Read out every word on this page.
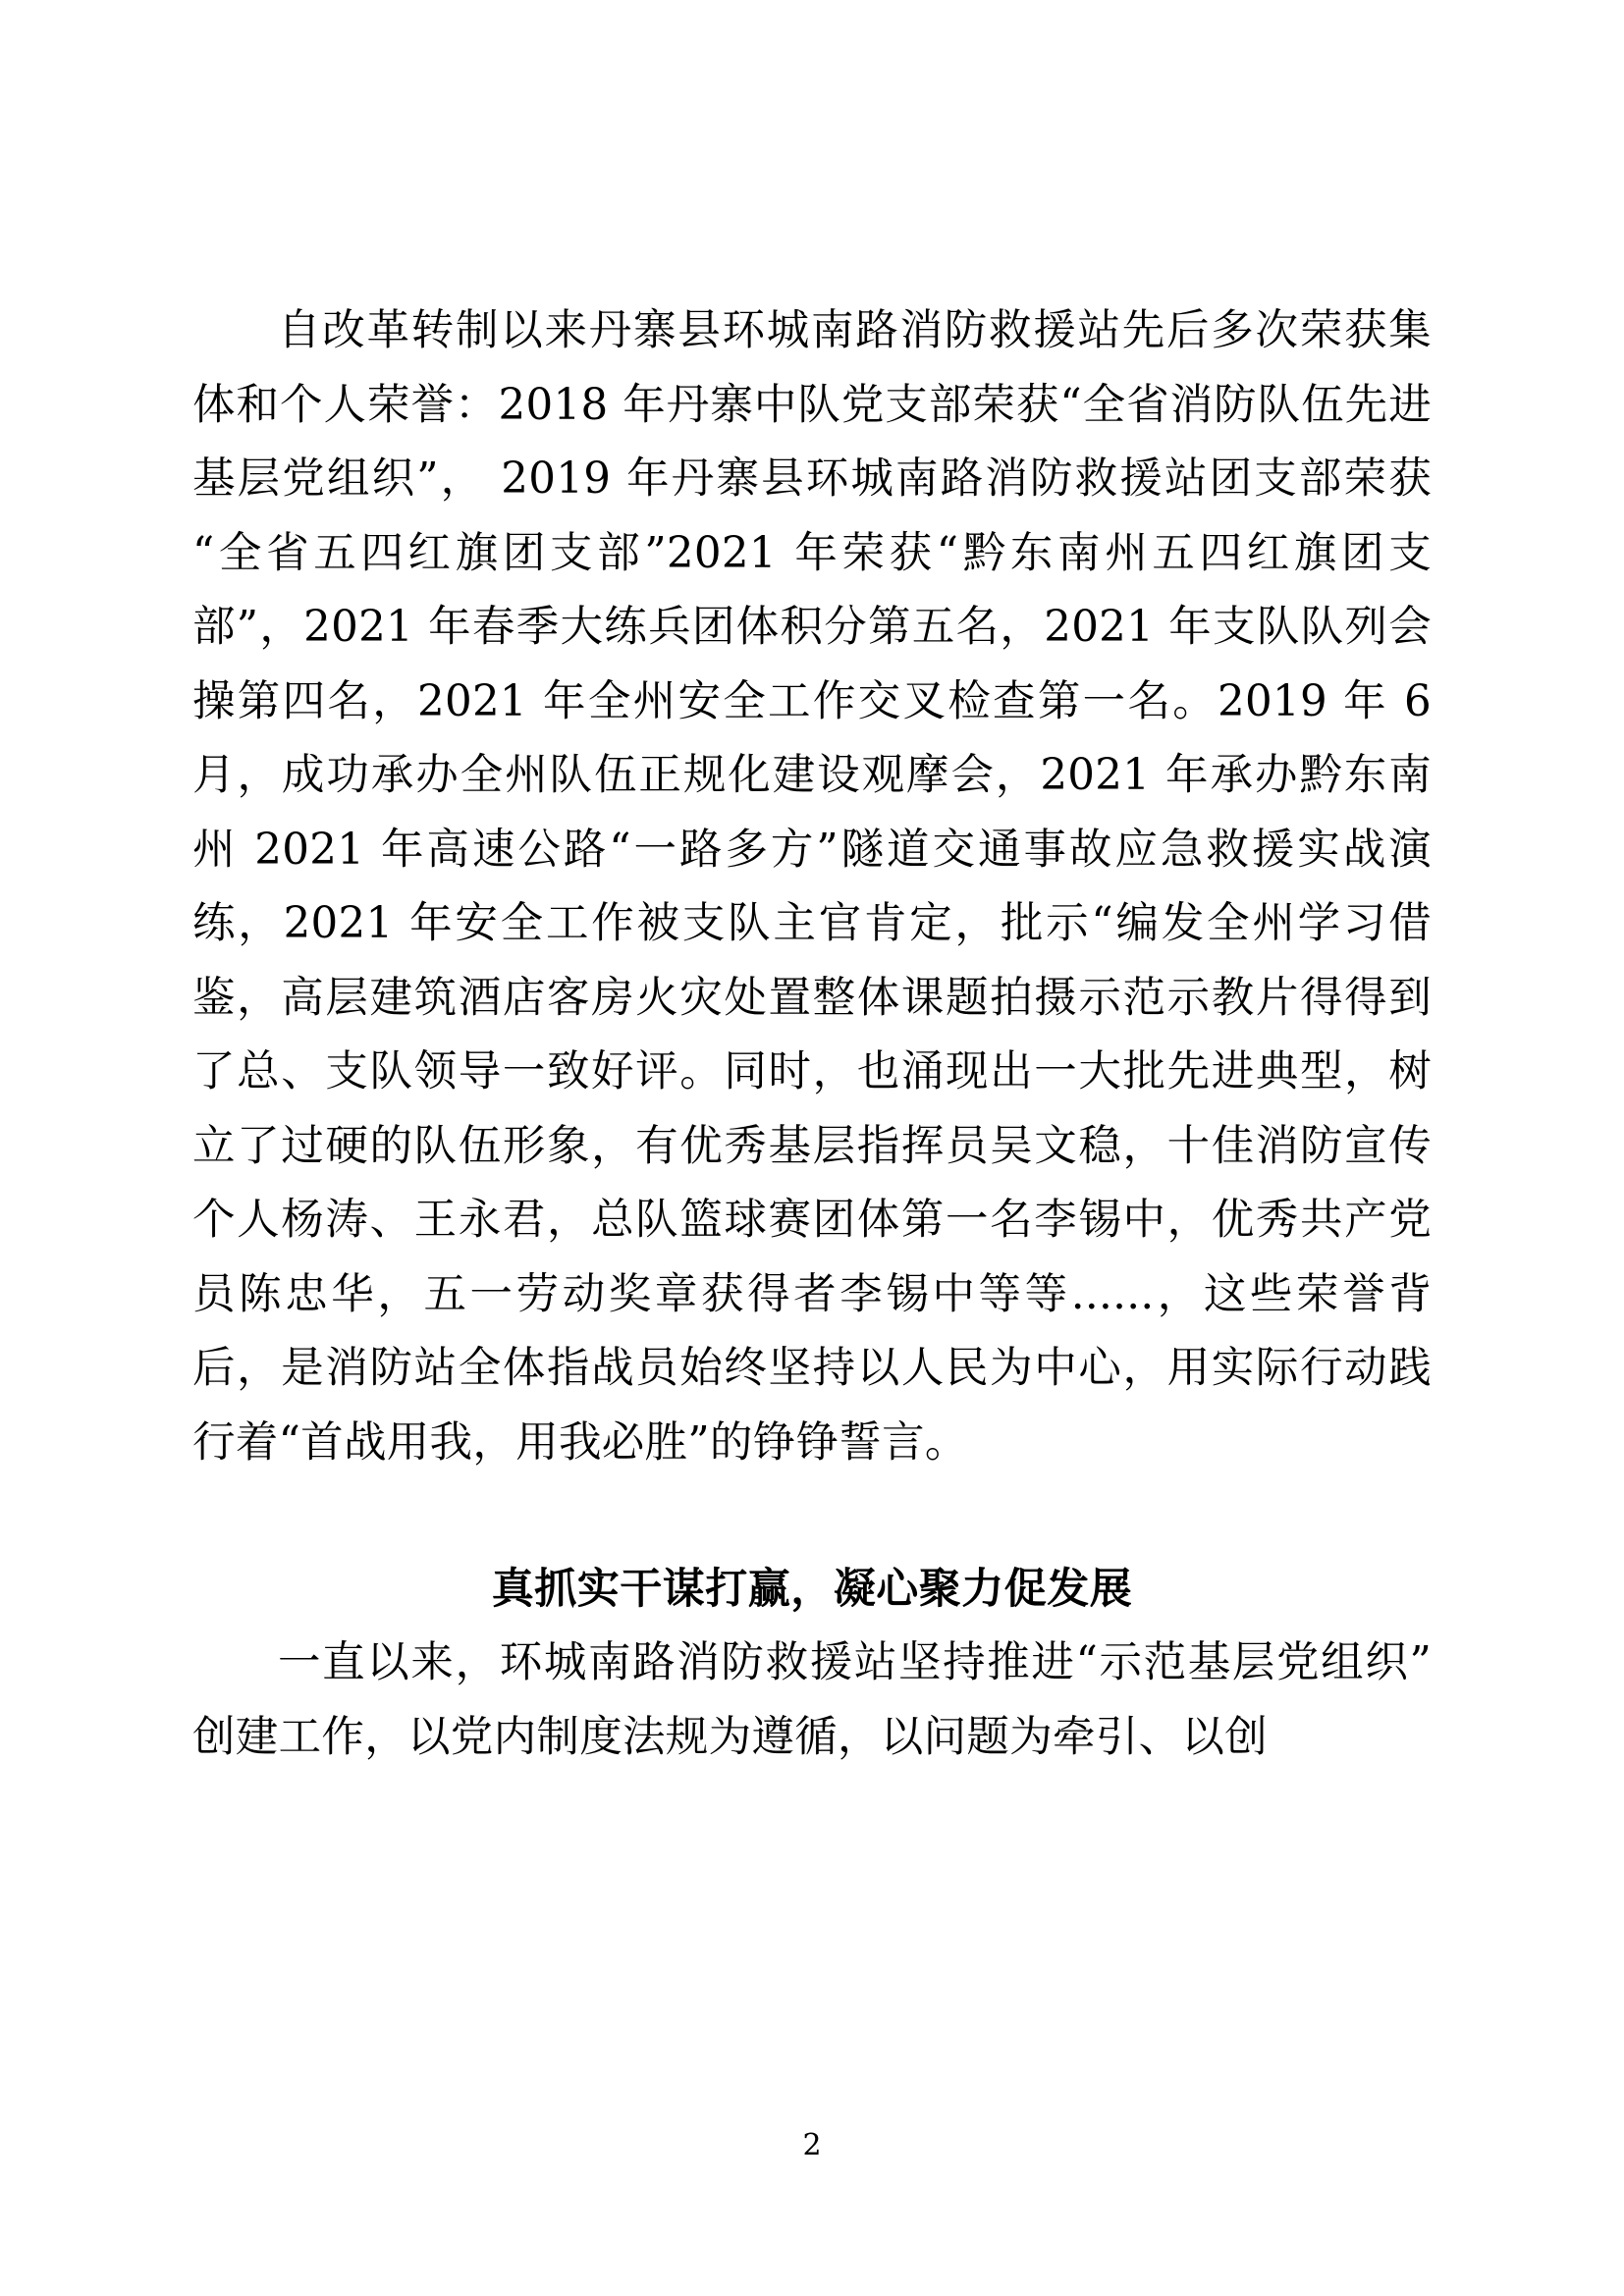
自改革转制以来丹寨县环城南路消防救援站先后多次荣获集体和个人荣誉：2018 年丹寨中队党支部荣获“全省消防队伍先进基层党组织”， 2019 年丹寨县环城南路消防救援站团支部荣获“全省五四红旗团支部”2021 年荣获“黔东南州五四红旗团支部”，2021 年春季大练兵团体积分第五名，2021 年支队队列会操第四名，2021 年全州安全工作交叉检查第一名。2019 年 6 月，成功承办全州队伍正规化建设观摩会，2021 年承办黔东南州 2021 年高速公路“一路多方”隧道交通事故应急救援实战演练，2021 年安全工作被支队主官肯定，批示“编发全州学习借鉴，高层建筑酒店客房火灾处置整体课题拍摄示范示教片得得到了总、支队领导一致好评。同时，也涌现出一大批先进典型，树立了过硬的队伍形象，有优秀基层指挥员吴文稳，十佳消防宣传个人杨涛、王永君，总队篮球赛团体第一名李锡中，优秀共产党员陈忠华，五一劳动奖章获得者李锡中等等......，这些荣誉背后，是消防站全体指战员始终坚持以人民为中心，用实际行动践行着“首战用我，用我必胜”的铮铮誓言。

真抓实干谋打赢，凝心聚力促发展

一直以来，环城南路消防救援站坚持推进“示范基层党组织”创建工作，以党内制度法规为遵循，以问题为牵引、以创

2
